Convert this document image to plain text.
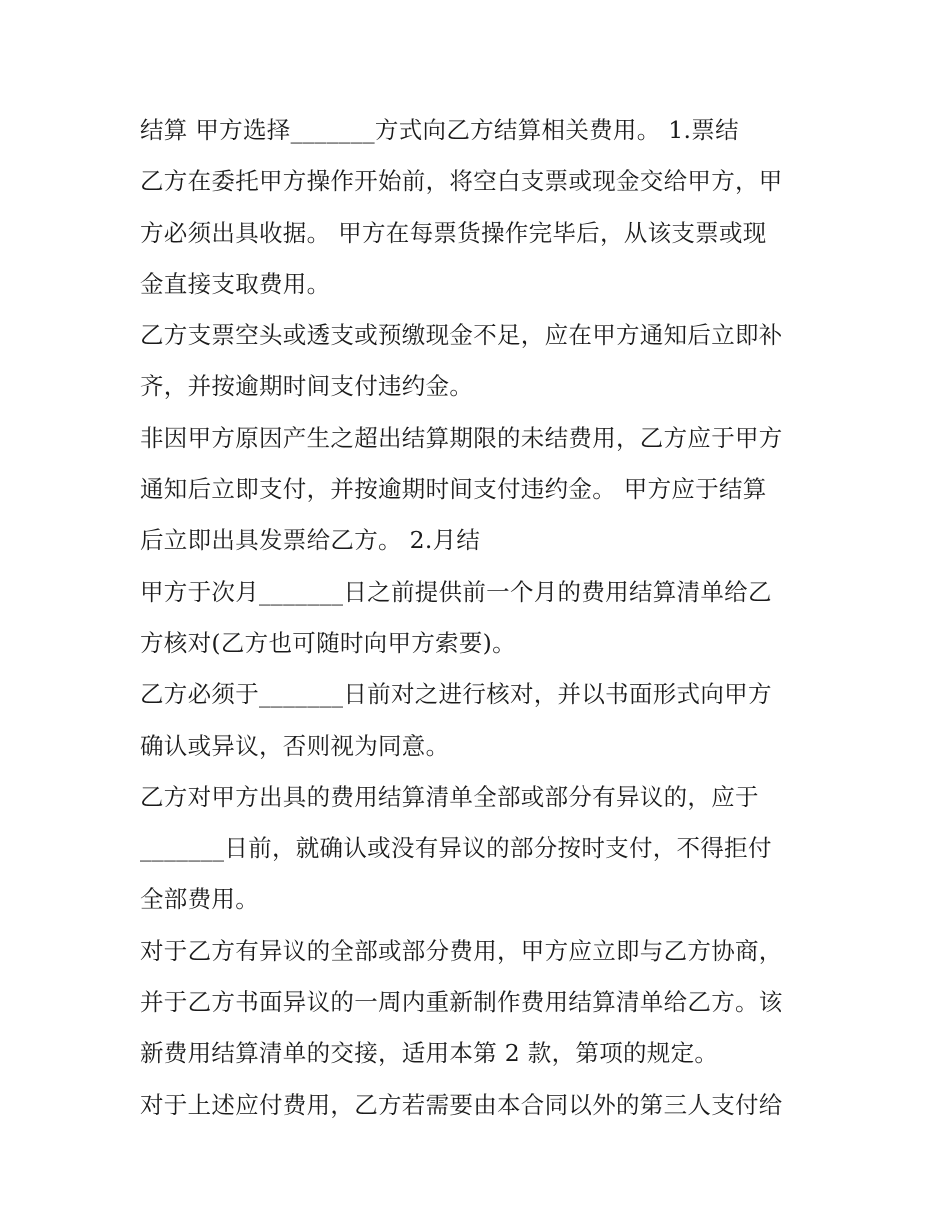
结算 甲方选择_______方式向乙方结算相关费用。 1.票结
乙方在委托甲方操作开始前，将空白支票或现金交给甲方，甲
方必须出具收据。 甲方在每票货操作完毕后，从该支票或现
金直接支取费用。
乙方支票空头或透支或预缴现金不足，应在甲方通知后立即补
齐，并按逾期时间支付违约金。
非因甲方原因产生之超出结算期限的未结费用，乙方应于甲方
通知后立即支付，并按逾期时间支付违约金。 甲方应于结算
后立即出具发票给乙方。 2.月结
甲方于次月_______日之前提供前一个月的费用结算清单给乙
方核对(乙方也可随时向甲方索要)。
乙方必须于_______日前对之进行核对，并以书面形式向甲方
确认或异议，否则视为同意。
乙方对甲方出具的费用结算清单全部或部分有异议的，应于
_______日前，就确认或没有异议的部分按时支付，不得拒付
全部费用。
对于乙方有异议的全部或部分费用，甲方应立即与乙方协商，
并于乙方书面异议的一周内重新制作费用结算清单给乙方。该
新费用结算清单的交接，适用本第 2 款，第项的规定。
对于上述应付费用，乙方若需要由本合同以外的第三人支付给
